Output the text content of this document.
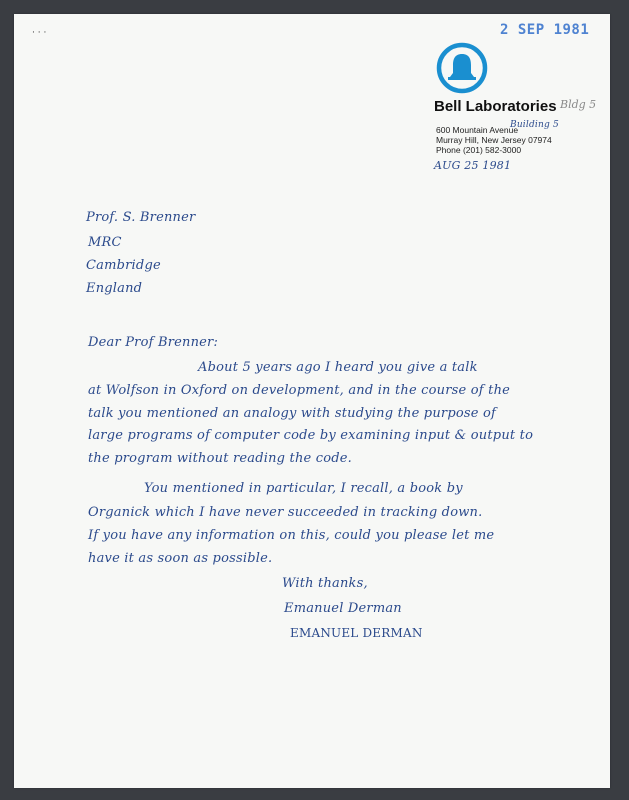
· · ·	2 SEP 1981
Bell Laboratories Bldg 5
600 Mountain Avenue
Building 5
Murray Hill, New Jersey 07974
Phone (201) 582-3000
AUG 25 1981
Prof. S. Brenner
MRC
Cambridge
England
Dear Prof Brenner:
About 5 years ago I heard you give a talk
at Wolfson in Oxford on development, and in the course of the
talk you mentioned an analogy with studying the purpose of
large programs of computer code by examining input & output to
the program without reading the code.
You mentioned in particular, I recall, a book by
Organick which I have never succeeded in tracking down.
If you have any information on this, could you please let me
have it as soon as possible.
With thanks,
Emanuel Derman
EMANUEL DERMAN
